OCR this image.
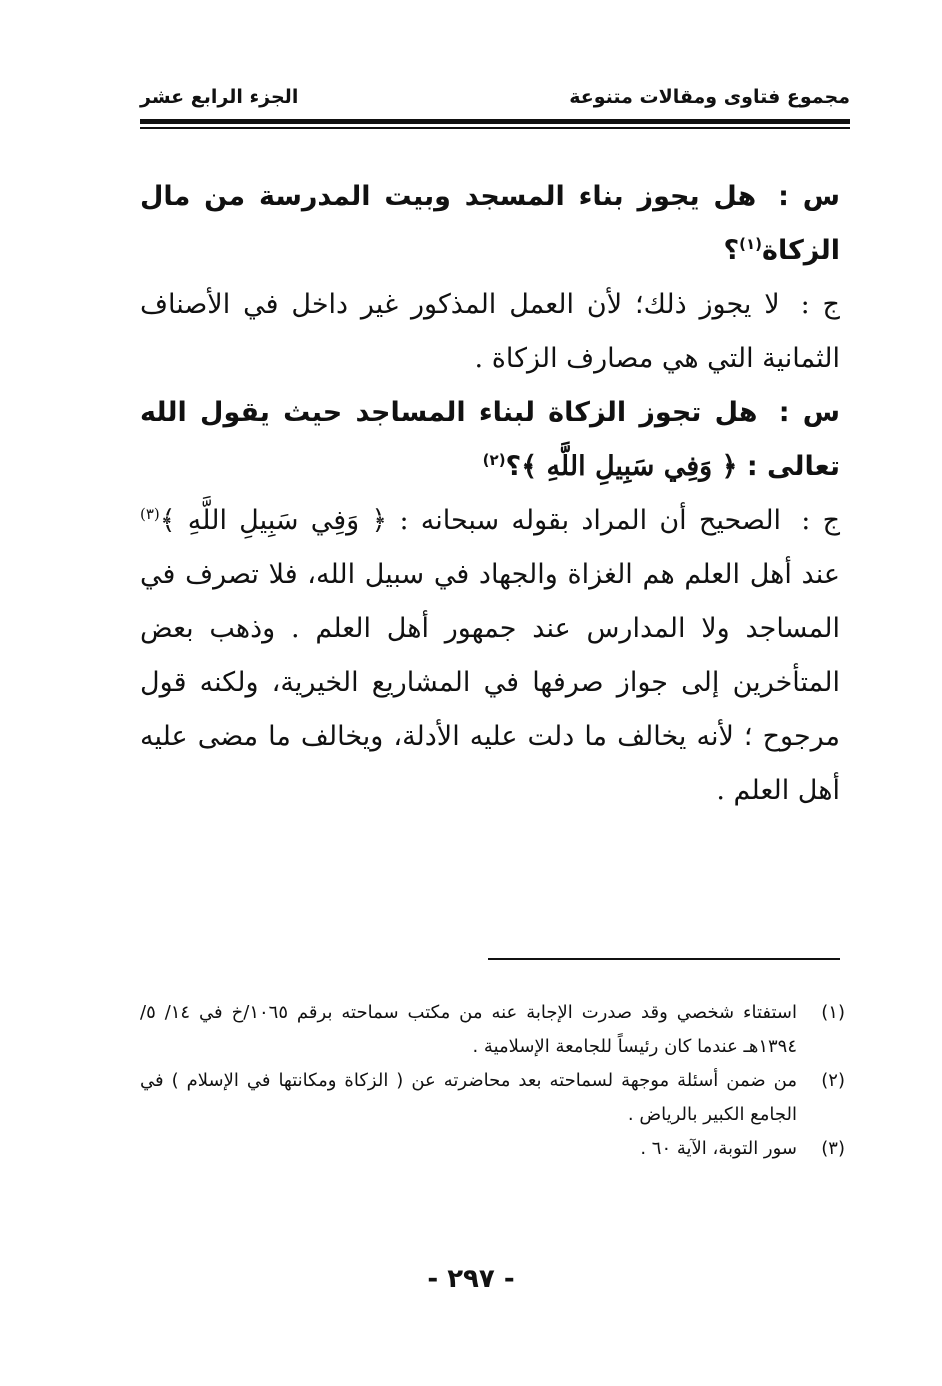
مجموع فتاوى ومقالات متنوعة
الجزء الرابع عشر

س : هل يجوز بناء المسجد وبيت المدرسة من مال الزكاة$^{(١)}$؟

ج : لا يجوز ذلك؛ لأن العمل المذكور غير داخل في الأصناف الثمانية التي هي مصارف الزكاة .

س : هل تجوز الزكاة لبناء المساجد حيث يقول الله تعالى : ﴿ وَفِي سَبِيلِ اللَّهِ ﴾؟$^{(٢)}$

ج : الصحيح أن المراد بقوله سبحانه : ﴿ وَفِي سَبِيلِ اللَّهِ ﴾$^{(٣)}$ عند أهل العلم هم الغزاة والجهاد في سبيل الله، فلا تصرف في المساجد ولا المدارس عند جمهور أهل العلم . وذهب بعض المتأخرين إلى جواز صرفها في المشاريع الخيرية، ولكنه قول مرجوح ؛ لأنه يخالف ما دلت عليه الأدلة، ويخالف ما مضى عليه أهل العلم .

(١)
استفتاء شخصي وقد صدرت الإجابة عنه من مكتب سماحته برقم ١٠٦٥/خ في ١٤/ ٥/ ١٣٩٤هـ عندما كان رئيساً للجامعة الإسلامية .
(٢)
من ضمن أسئلة موجهة لسماحته بعد محاضرته عن ( الزكاة ومكانتها في الإسلام ) في الجامع الكبير بالرياض .
(٣)
سور التوبة، الآية ٦٠ .
- ٢٩٧ -
